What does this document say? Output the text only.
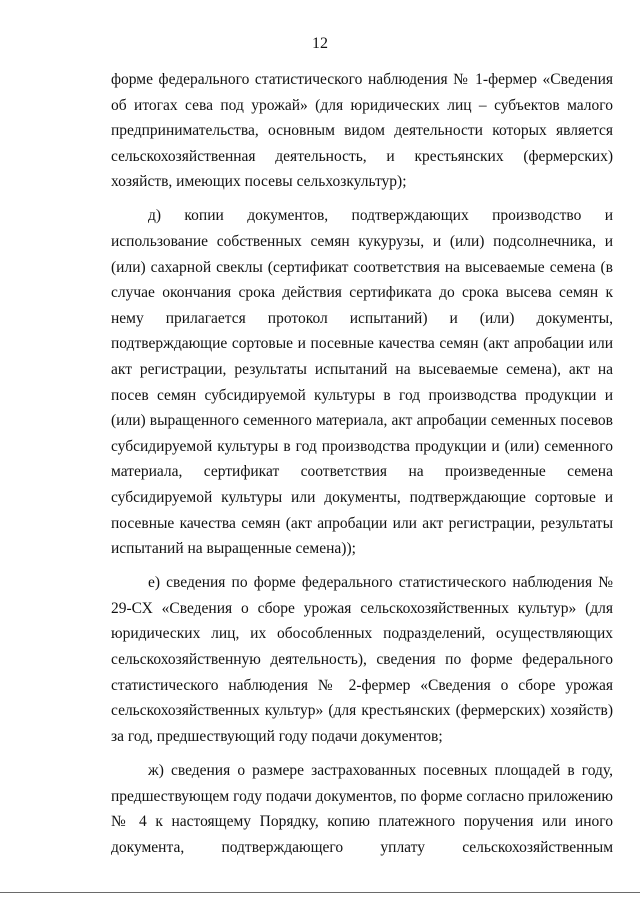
12

форме федерального статистического наблюдения № 1-фермер «Сведения об итогах сева под урожай» (для юридических лиц – субъектов малого предпринимательства, основным видом деятельности которых является сельскохозяйственная деятельность, и крестьянских (фермерских) хозяйств, имеющих посевы сельхозкультур);

д) копии документов, подтверждающих производство и использование собственных семян кукурузы, и (или) подсолнечника, и (или) сахарной свеклы (сертификат соответствия на высеваемые семена (в случае окончания срока действия сертификата до срока высева семян к нему прилагается протокол испытаний) и (или) документы, подтверждающие сортовые и посевные качества семян (акт апробации или акт регистрации, результаты испытаний на высеваемые семена), акт на посев семян субсидируемой культуры в год производства продукции и (или) выращенного семенного материала, акт апробации семенных посевов субсидируемой культуры в год производства продукции и (или) семенного материала, сертификат соответствия на произведенные семена субсидируемой культуры или документы, подтверждающие сортовые и посевные качества семян (акт апробации или акт регистрации, результаты испытаний на выращенные семена));

е) сведения по форме федерального статистического наблюдения № 29-СХ «Сведения о сборе урожая сельскохозяйственных культур» (для юридических лиц, их обособленных подразделений, осуществляющих сельскохозяйственную деятельность), сведения по форме федерального статистического наблюдения № 2-фермер «Сведения о сборе урожая сельскохозяйственных культур» (для крестьянских (фермерских) хозяйств) за год, предшествующий году подачи документов;

ж) сведения о размере застрахованных посевных площадей в году, предшествующем году подачи документов, по форме согласно приложению № 4 к настоящему Порядку, копию платежного поручения или иного документа, подтверждающего уплату сельскохозяйственным
